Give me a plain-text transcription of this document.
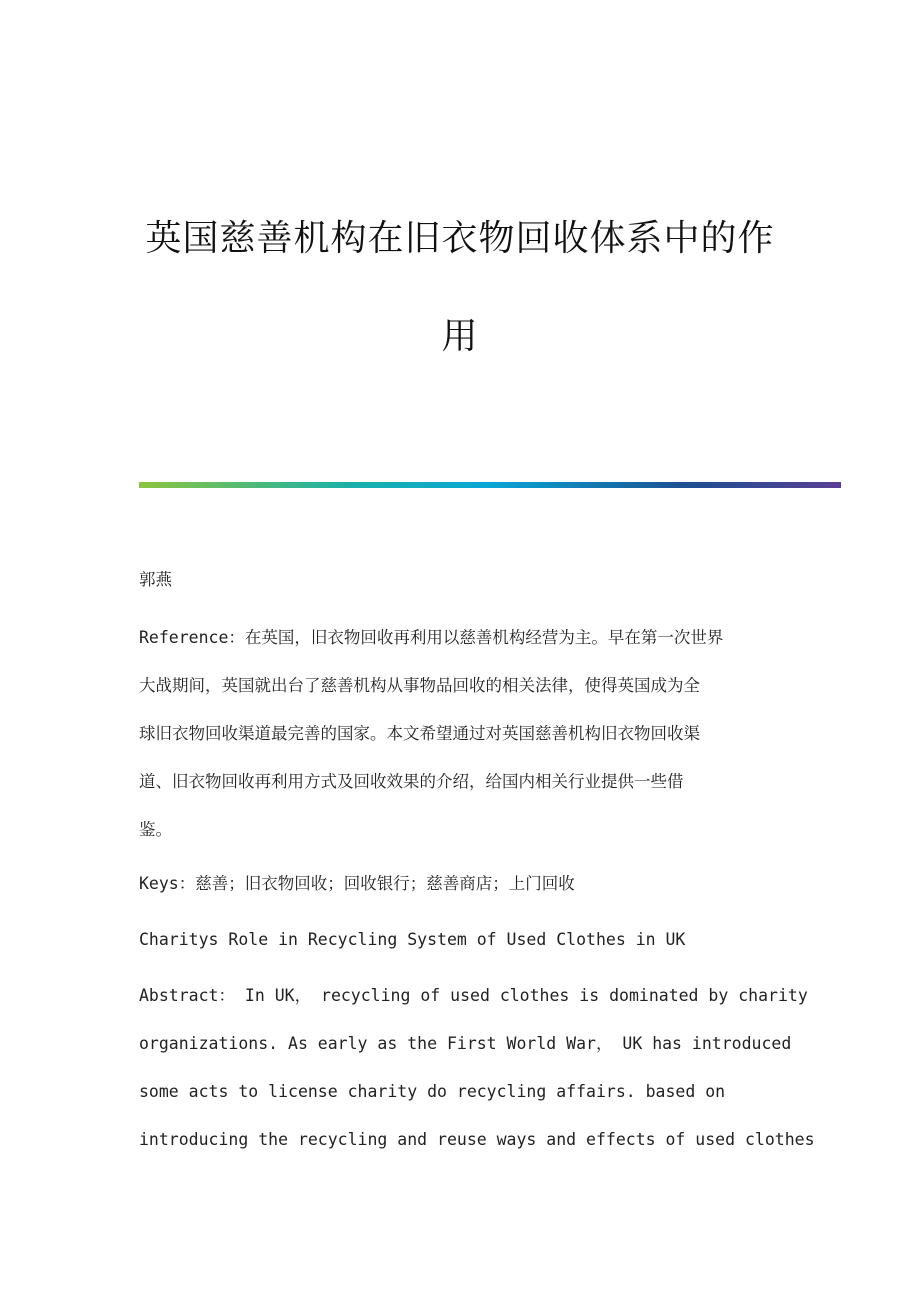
英国慈善机构在旧衣物回收体系中的作
用
郭燕
Reference：在英国，旧衣物回收再利用以慈善机构经营为主。早在第一次世界
大战期间，英国就出台了慈善机构从事物品回收的相关法律，使得英国成为全
球旧衣物回收渠道最完善的国家。本文希望通过对英国慈善机构旧衣物回收渠
道、旧衣物回收再利用方式及回收效果的介绍，给国内相关行业提供一些借
鉴。
Keys：慈善；旧衣物回收；回收银行；慈善商店；上门回收
Charitys Role in Recycling System of Used Clothes in UK
Abstract： In UK， recycling of used clothes is dominated by charity
organizations. As early as the First World War， UK has introduced
some acts to license charity do recycling affairs. based on
introducing the recycling and reuse ways and effects of used clothes
